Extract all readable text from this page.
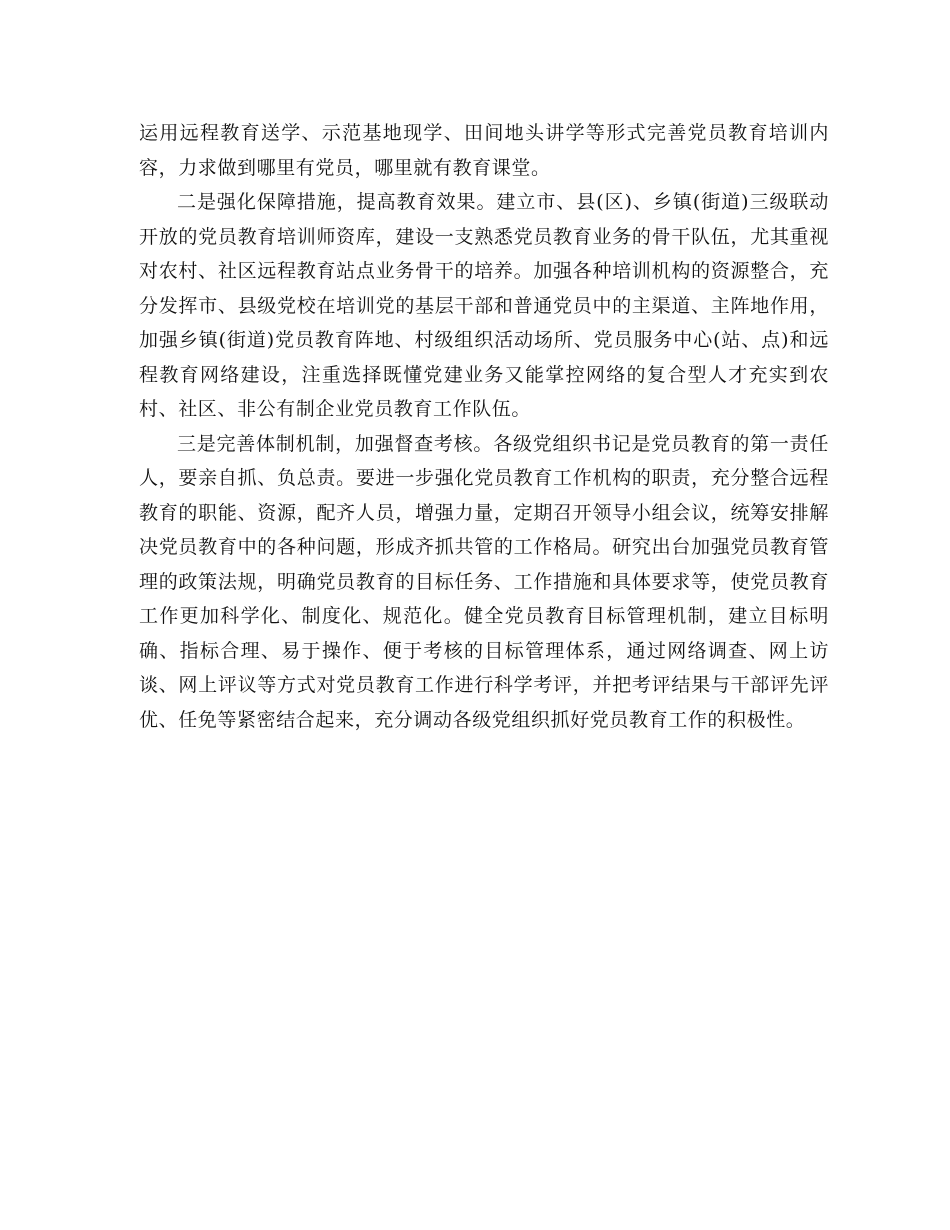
运用远程教育送学、示范基地现学、田间地头讲学等形式完善党员教育培训内容，力求做到哪里有党员，哪里就有教育课堂。

二是强化保障措施，提高教育效果。建立市、县(区)、乡镇(街道)三级联动开放的党员教育培训师资库，建设一支熟悉党员教育业务的骨干队伍，尤其重视对农村、社区远程教育站点业务骨干的培养。加强各种培训机构的资源整合，充分发挥市、县级党校在培训党的基层干部和普通党员中的主渠道、主阵地作用，加强乡镇(街道)党员教育阵地、村级组织活动场所、党员服务中心(站、点)和远程教育网络建设，注重选择既懂党建业务又能掌控网络的复合型人才充实到农村、社区、非公有制企业党员教育工作队伍。

三是完善体制机制，加强督查考核。各级党组织书记是党员教育的第一责任人，要亲自抓、负总责。要进一步强化党员教育工作机构的职责，充分整合远程教育的职能、资源，配齐人员，增强力量，定期召开领导小组会议，统筹安排解决党员教育中的各种问题，形成齐抓共管的工作格局。研究出台加强党员教育管理的政策法规，明确党员教育的目标任务、工作措施和具体要求等，使党员教育工作更加科学化、制度化、规范化。健全党员教育目标管理机制，建立目标明确、指标合理、易于操作、便于考核的目标管理体系，通过网络调查、网上访谈、网上评议等方式对党员教育工作进行科学考评，并把考评结果与干部评先评优、任免等紧密结合起来，充分调动各级党组织抓好党员教育工作的积极性。
